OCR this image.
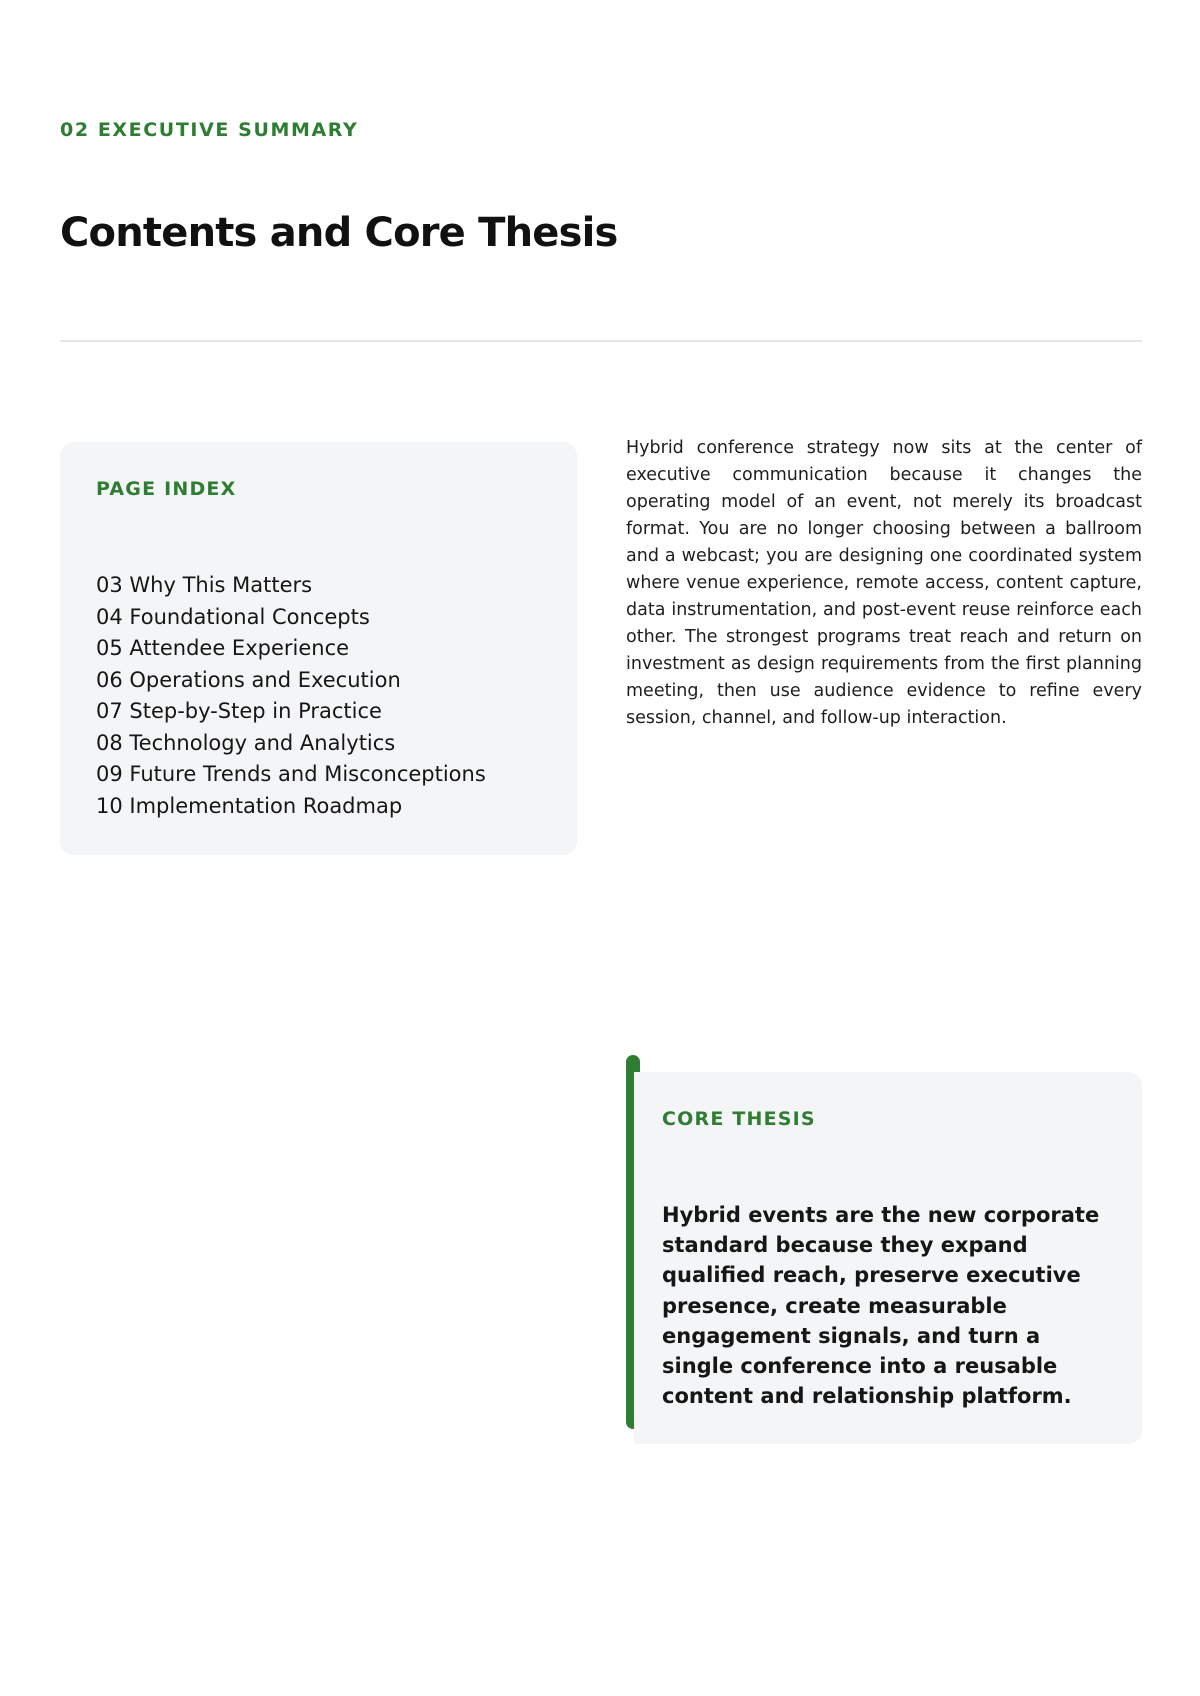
02 EXECUTIVE SUMMARY
Contents and Core Thesis
PAGE INDEX
03 Why This Matters
04 Foundational Concepts
05 Attendee Experience
06 Operations and Execution
07 Step-by-Step in Practice
08 Technology and Analytics
09 Future Trends and Misconceptions
10 Implementation Roadmap

Hybrid conference strategy now sits at the center of executive communication because it changes the operating model of an event, not merely its broadcast format. You are no longer choosing between a ballroom and a webcast; you are designing one coordinated system where venue experience, remote access, content capture, data instrumentation, and post-event reuse reinforce each other. The strongest programs treat reach and return on investment as design requirements from the first planning meeting, then use audience evidence to refine every session, channel, and follow-up interaction.

CORE THESIS

Hybrid events are the new corporate standard because they expand qualified reach, preserve executive presence, create measurable engagement signals, and turn a single conference into a reusable content and relationship platform.
